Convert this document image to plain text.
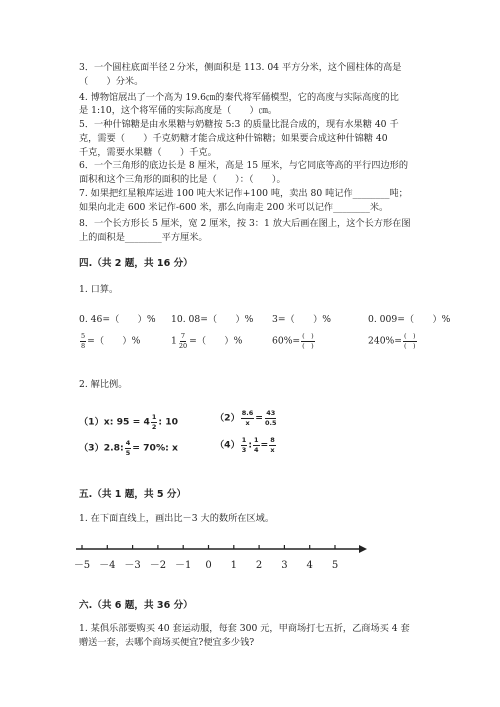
3．一个圆柱底面半径２分米，侧面积是 113. 04 平方分米，这个圆柱体的高是
（　　）分米。
4. 博物馆展出了一个高为 19.6㎝的秦代将军俑模型，它的高度与实际高度的比
是 1:10，这个将军俑的实际高度是（　　）㎝。
5．一种什锦糖是由水果糖与奶糖按 5:3 的质量比混合成的，现有水果糖 40 千
克，需要（　　）千克奶糖才能合成这种什锦糖；如果要合成这种什锦糖 40
千克，需要水果糖（　　）千克。
6．一个三角形的底边长是 8 厘米，高是 15 厘米，与它同底等高的平行四边形的
面积和这个三角形的面积的比是（　　）：（　　）。
7. 如果把红星粮库运进 100 吨大米记作+100 吨，卖出 80 吨记作________吨；
如果向北走 600 米记作-600 米，那么向南走 200 米可以记作________米。
8．一个长方形长 5 厘米，宽 2 厘米，按 3：1 放大后画在图上，这个长方形在图
上的面积是________平方厘米。
四.（共 2 题，共 16 分）
1. 口算。
0. 46=（　　）% 10. 08=（　　）% 3=（　　）%	0. 009=（　　）%
$\frac{5}{8}$ =（　　）%	$1 \frac{7}{20}$ =（　　）%	$60\%= \frac{( )}{( )}$	$240\%= \frac{( )}{( )}$
2. 解比例。
（1）x: $95 = 4 \frac{1}{2}$ : 10	$(2) \frac{8.6}{x} = \frac{43}{0.5}$
（3）2.8: $\frac{4}{5} = 70\%$: x	$(4) \frac{1}{3}$ : $\frac{1}{4} = \frac{8}{x}$
五.（共 1 题，共 5 分）
1. 在下面直线上，画出比－3 大的数所在区域。
－5 －4 －3 －2 －1 0 1 2 3 4 5
六.（共 6 题，共 36 分）
1. 某俱乐部要购买 40 套运动服，每套 300 元，甲商场打七五折，乙商场买 4 套
赠送一套，去哪个商场买便宜?便宜多少钱?
